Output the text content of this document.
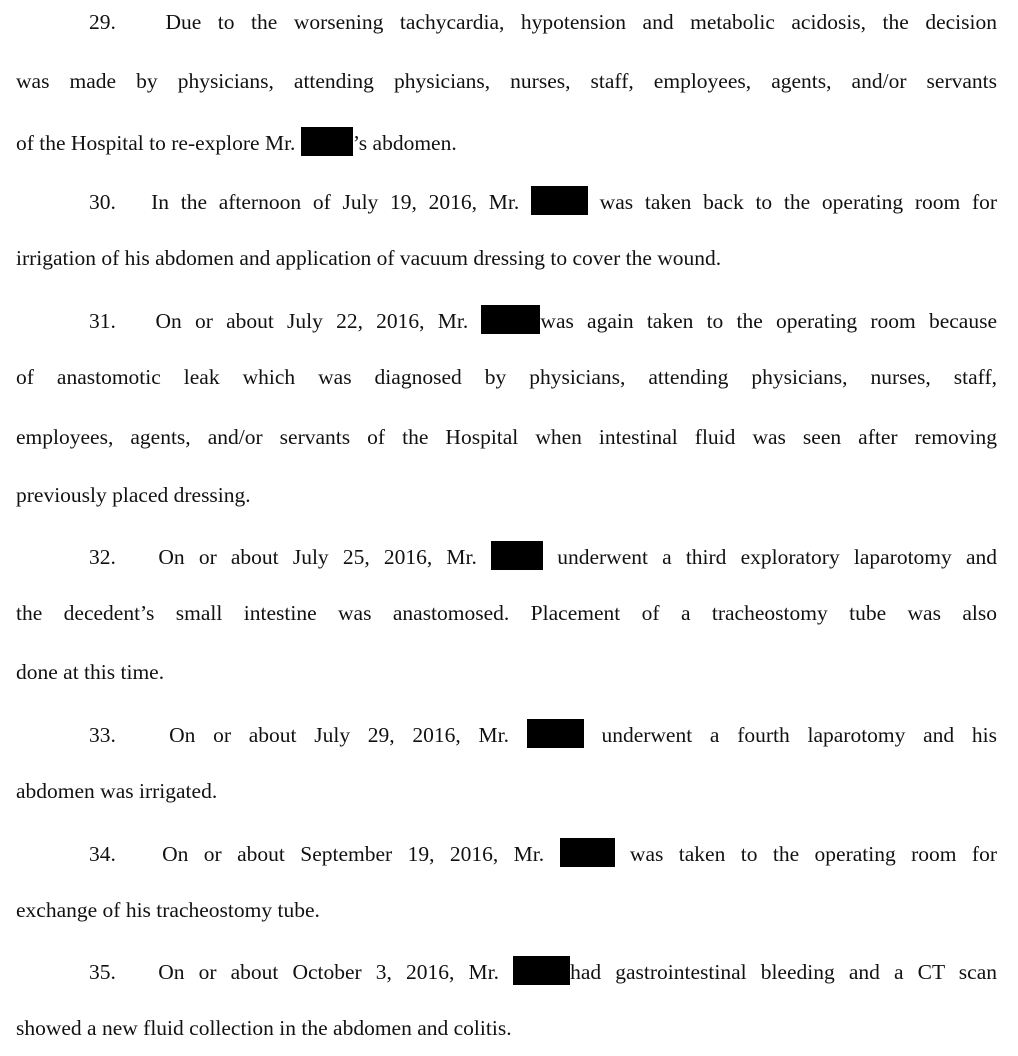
29. Due to the worsening tachycardia, hypotension and metabolic acidosis, the decision
was made by physicians, attending physicians, nurses, staff, employees, agents, and/or servants
of the Hospital to re-explore Mr. ’s abdomen.
30. In the afternoon of July 19, 2016, Mr.	was taken back to the operating room for
irrigation of his abdomen and application of vacuum dressing to cover the wound.
31. On or about July 22, 2016, Mr.	was again taken to the operating room because
of anastomotic leak which was diagnosed by physicians, attending physicians, nurses, staff,
employees, agents, and/or servants of the Hospital when intestinal fluid was seen after removing
previously placed dressing.
32. On or about July 25, 2016, Mr.  underwent a third exploratory laparotomy and
the decedent’s small intestine was anastomosed. Placement of a tracheostomy tube was also
done at this time.
33. On or about July 29, 2016, Mr.	underwent a fourth laparotomy and his
abdomen was irrigated.
34. On or about September 19, 2016, Mr.	was taken to the operating room for
exchange of his tracheostomy tube.
35. On or about October 3, 2016, Mr.	had gastrointestinal bleeding and a CT scan
showed a new fluid collection in the abdomen and colitis.
